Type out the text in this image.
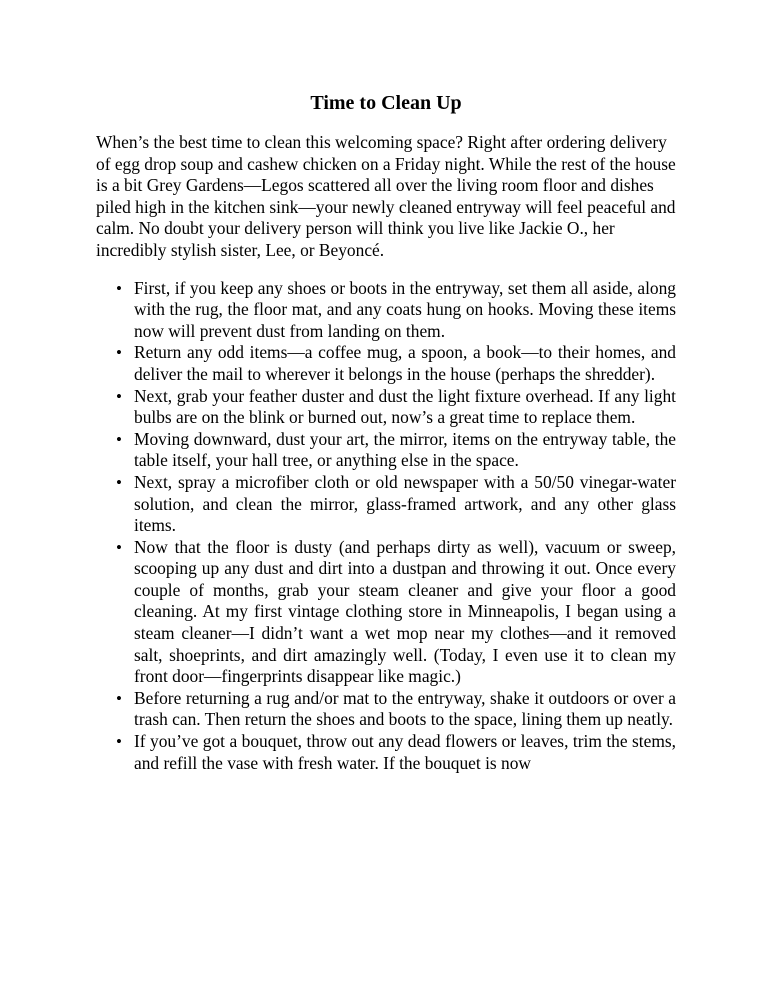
Time to Clean Up

When’s the best time to clean this welcoming space? Right after ordering delivery of egg drop soup and cashew chicken on a Friday night. While the rest of the house is a bit Grey Gardens—Legos scattered all over the living room floor and dishes piled high in the kitchen sink—your newly cleaned entryway will feel peaceful and calm. No doubt your delivery person will think you live like Jackie O., her incredibly stylish sister, Lee, or Beyoncé.

• First, if you keep any shoes or boots in the entryway, set them all aside, along with the rug, the floor mat, and any coats hung on hooks. Moving these items now will prevent dust from landing on them.
• Return any odd items—a coffee mug, a spoon, a book—to their homes, and deliver the mail to wherever it belongs in the house (perhaps the shredder).
• Next, grab your feather duster and dust the light fixture overhead. If any light bulbs are on the blink or burned out, now’s a great time to replace them.
• Moving downward, dust your art, the mirror, items on the entryway table, the table itself, your hall tree, or anything else in the space.
• Next, spray a microfiber cloth or old newspaper with a 50/50 vinegar-water solution, and clean the mirror, glass-framed artwork, and any other glass items.
• Now that the floor is dusty (and perhaps dirty as well), vacuum or sweep, scooping up any dust and dirt into a dustpan and throwing it out. Once every couple of months, grab your steam cleaner and give your floor a good cleaning. At my first vintage clothing store in Minneapolis, I began using a steam cleaner—I didn’t want a wet mop near my clothes—and it removed salt, shoeprints, and dirt amazingly well. (Today, I even use it to clean my front door—fingerprints disappear like magic.)
• Before returning a rug and/or mat to the entryway, shake it outdoors or over a trash can. Then return the shoes and boots to the space, lining them up neatly.
• If you’ve got a bouquet, throw out any dead flowers or leaves, trim the stems, and refill the vase with fresh water. If the bouquet is now
